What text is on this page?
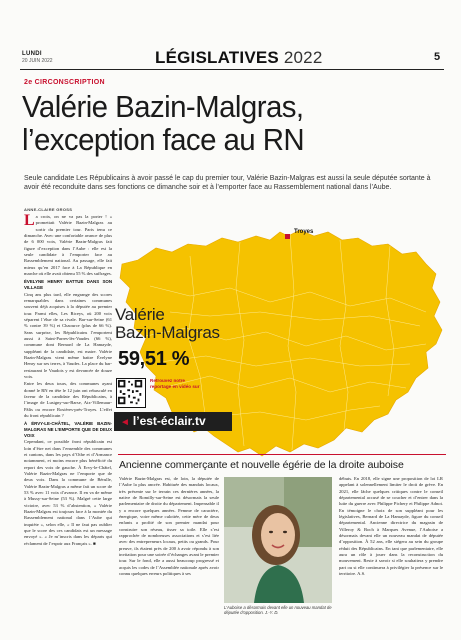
LUNDI
20 JUIN 2022	LÉGISLATIVES 2022	5
2e CIRCONSCRIPTION
Valérie Bazin-Malgras,
l’exception face au RN
Seule candidate Les Républicains à avoir passé le cap du premier tour, Valérie Bazin-Malgras est aussi la seule députée sortante à avoir été reconduite dans ses fonctions ce dimanche soir et à l’emporter face au Rassemblement national dans l’Aube.
ANNE-CLAIRE GROSS

La croix, on ne va pas la porter ! » promettait Valérie Bazin-Malgras au sortir du premier tour. Paris tenu ce dimanche. Avec une confortable avance de plus de 6 000 voix, Valérie Bazin-Malgras fait figure d’exception dans l’Aube : elle est la seule candidate à l’emporter face au Rassemblement national. Au passage, elle fait mieux qu’en 2017 face à La République en marche où elle avait obtenu 55 % des suffrages.

ÉVELYNE HENRY BATTUE DANS SON VILLAGE

Cinq ans plus tard, elle engrange des scores remarquables dans certaines communes souvent déjà acquises à la députée au premier tour. Parmi elles, Les Riceys, où 200 voix séparent l’élue de sa rivale. Bar-sur-Seine (61 % contre 39 %) et Chaource (plus de 66 %). Sans surprise, les Républicains l’emportent aussi à Saint-Parres-lès-Vaudes (66 %), commune dont Bernard de La Hamayde, suppléant de la candidate, est maire. Valérie Bazin-Malgras vient même battre Évelyne Henry sur ses terres, à Vaudes. La place du bar-restaurant le Vaudois y est devancée de douze voix.

Entre les deux tours, des communes ayant donné le RN en tête le 12 juin ont rebasculé en faveur de la candidate des Républicains, à l’image de Lusigny-sur-Barse, Aix-Villemaur-Pâlis ou encore Rosières-près-Troyes. L’effet du front républicain ?

À ÉRVY-LE-CHÂTEL, VALÉRIE BAZIN-MALGRAS NE L’EMPORTE QUE DE DEUX VOIX

Cependant, ce possible front républicain est loin d’être net dans l’ensemble des communes et cantons, dans les pays d’Othe et d’Armance notamment, et moins encore plus bénéficié du report des voix de gauche. À Ervy-le-Châtel, Valérie Bazin-Malgras ne l’emporte que de deux voix. Dans la commune de Bérulle, Valérie Bazin-Malgras a même fait un score de 53 % avec 11 voix d’avance. Il en va de même à Mussy-sur-Seine (53 %). Malgré cette large victoire, avec 53 % d’abstention, « Valérie Bazin-Malgras est toujours face à la montée du Rassemblement national dans l’Aube qui inquiète », selon elle, « Il ne faut pas oublier que le score des ces candidats est un message envoyé ». « Je m’inscris dans les départs qui réclament de l’espoir aux Français ». ■

Troyes
Valérie
Bazin-Malgras
59,51 %
Retrouvez notre reportage en vidéo sur
◄ l’est-éclair.tv
Ancienne commerçante et nouvelle égérie de la droite auboise
Valérie Bazin-Malgras est, de loin, la députée de l’Aube la plus ancrée. Habituée des mandats locaux, très présente sur le terrain ces dernières années, la native de Romilly-sur-Seine est désormais la seule parlementaire de droite du département. Impensable il y a encore quelques années. Femme de caractère, énergique, voire même culottée, cette mère de deux enfants a profité de son premier mandat pour construire son réseau, tisser sa toile. Elle s’est rapprochée de nombreuses associations et s’est liée avec des entrepreneurs locaux, petits ou grands. Pour preuve, ils étaient près de 200 à avoir répondu à son invitation pour une soirée d’échanges avant le premier tour. Sur le fond, elle a aussi beaucoup progressé et acquis les codes de l’Assemblée nationale après avoir connu quelques erreurs politiques à ses
L’Auboise a désormais devant elle un nouveau mandat de députée d’opposition. J.-Y. D.
débuts. En 2018, elle signe une proposition de loi LR appelant à solennellement limiter le droit de grève. En 2021, elle lâche quelques critiques contre le conseil départemental accusé de se coucher et d’entrer dans la lutte du guerre avec Philippe Pichery et Philippe Adnot. En témoigne le choix de son suppléant pour les législatives, Bernard de La Hamayde, figure du conseil départemental. Ancienne directrice du magasin de Villeroy & Boch à Marques Avenue, l’Auboise a désormais devant elle un nouveau mandat de députée d’opposition. À 52 ans, elle siégera au sein du groupe réduit des Républicains. En tant que parlementaire, elle aura un rôle à jouer dans la reconstruction du mouvement. Reste à savoir si elle souhaitera y prendre part ou si elle continuera à privilégier la présence sur le territoire. A.S.
